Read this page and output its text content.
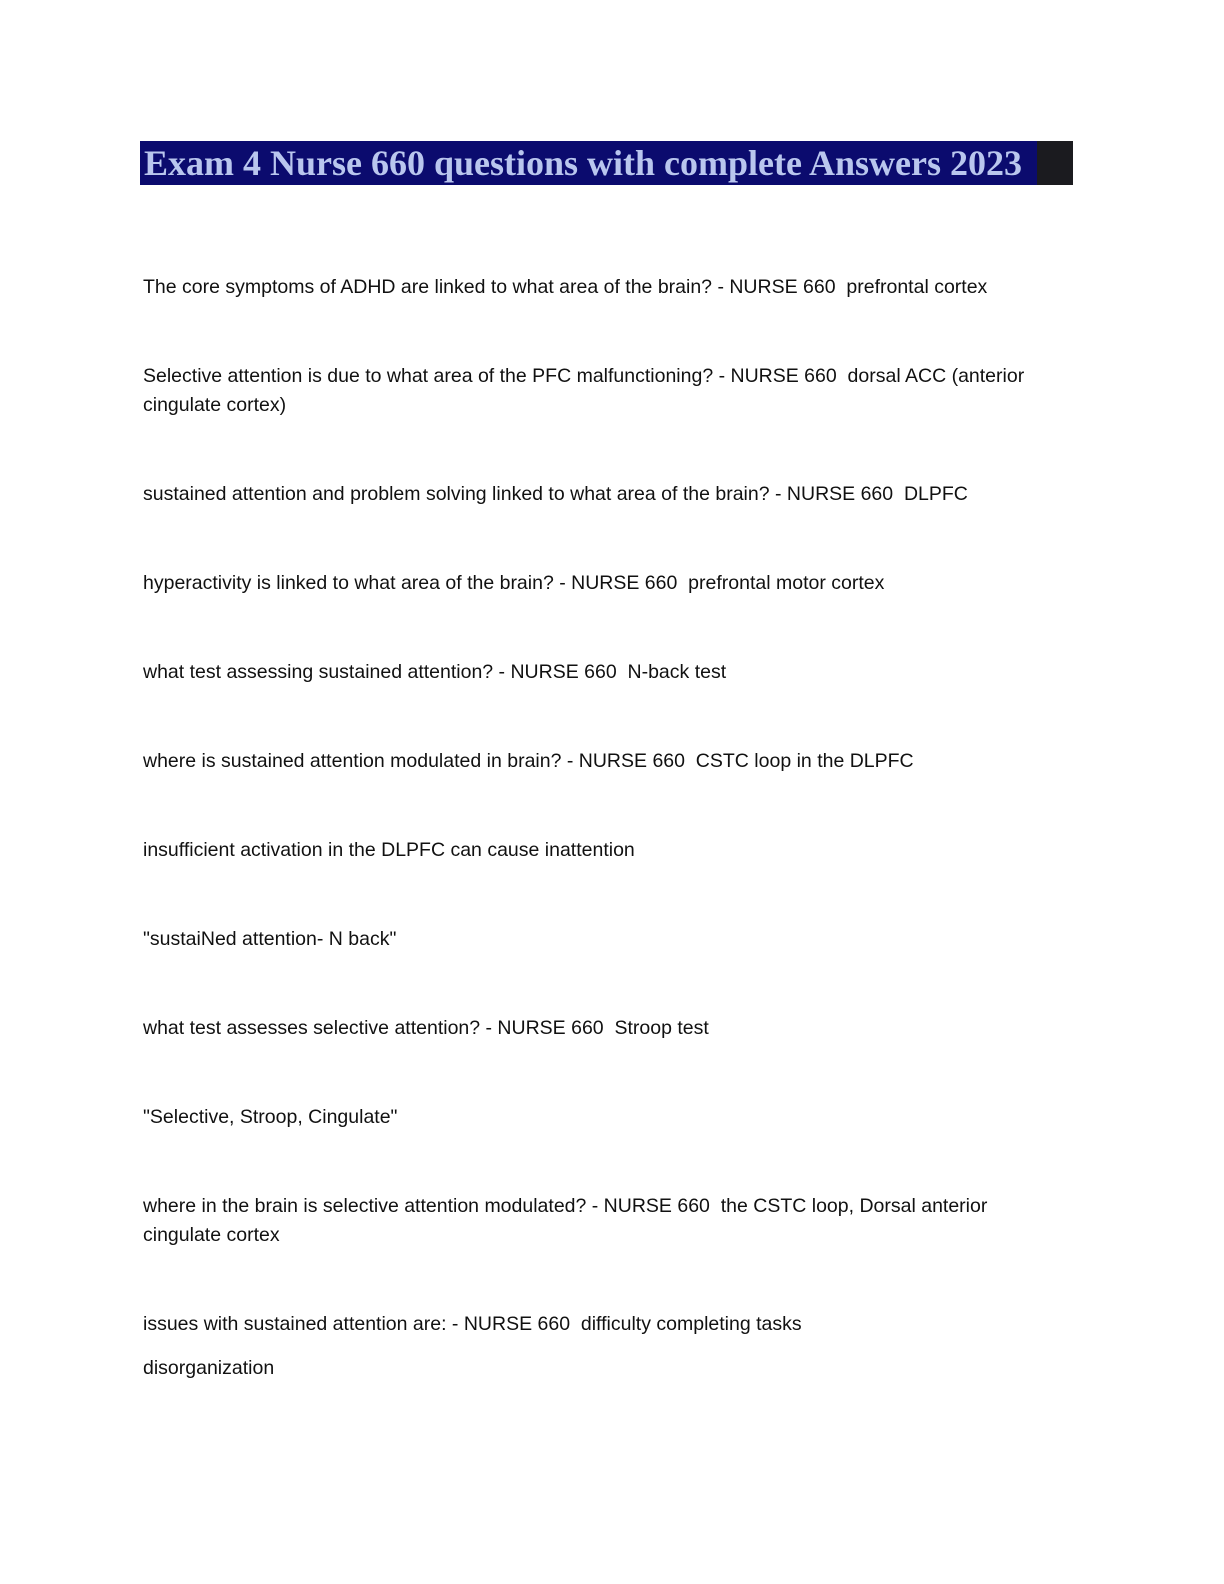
Exam 4 Nurse 660 questions with complete Answers 2023

The core symptoms of ADHD are linked to what area of the brain? - NURSE 660  prefrontal cortex

Selective attention is due to what area of the PFC malfunctioning? - NURSE 660  dorsal ACC (anterior

cingulate cortex)

sustained attention and problem solving linked to what area of the brain? - NURSE 660  DLPFC

hyperactivity is linked to what area of the brain? - NURSE 660  prefrontal motor cortex

what test assessing sustained attention? - NURSE 660  N-back test

where is sustained attention modulated in brain? - NURSE 660  CSTC loop in the DLPFC

insufficient activation in the DLPFC can cause inattention

"sustaiNed attention- N back"

what test assesses selective attention? - NURSE 660  Stroop test

"Selective, Stroop, Cingulate"

where in the brain is selective attention modulated? - NURSE 660  the CSTC loop, Dorsal anterior

cingulate cortex

issues with sustained attention are: - NURSE 660  difficulty completing tasks

disorganization
